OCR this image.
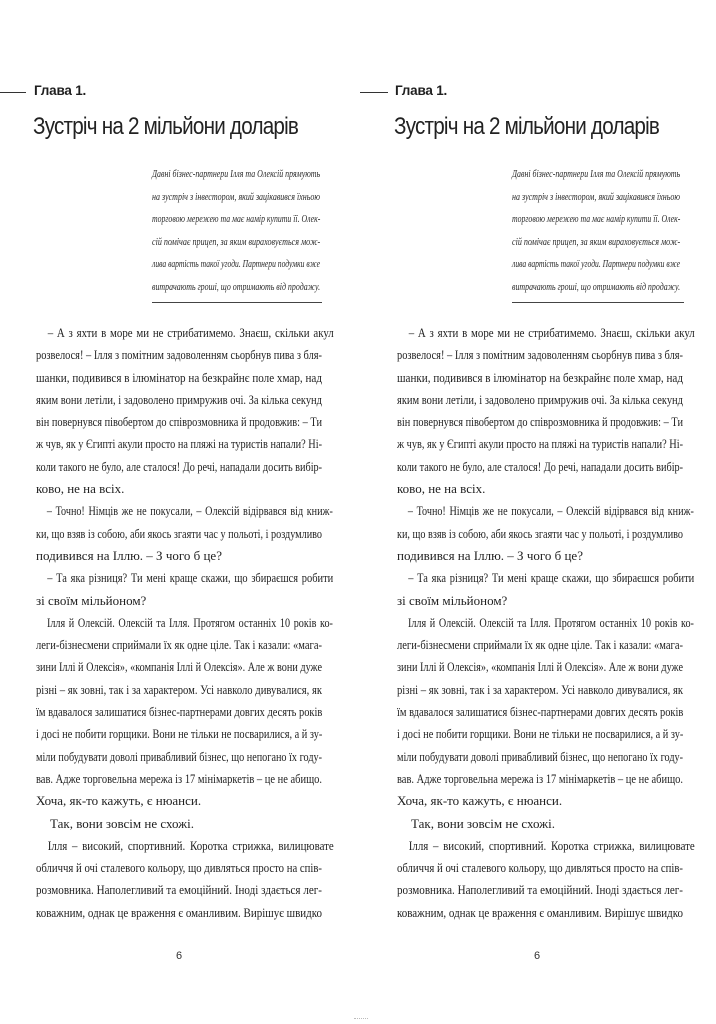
Глава 1.
Зустріч на 2 мільйони доларів
Давні бізнес-партнери Ілля та Олексій прямують
на зустріч з інвестором, який зацікавився їхньою
торговою мережею та має намір купити її. Олек-
сій помічає прицеп, за яким вираховується мож-
лива вартість такої угоди. Партнери подумки вже
витрачають гроші, що отримають від продажу.
– А з яхти в море ми не стрибатимемо. Знаєш, скільки акул
розвелося! – Ілля з помітним задоволенням сьорбнув пива з бля-
шанки, подивився в ілюмінатор на безкрайнє поле хмар, над
яким вони летіли, і задоволено примружив очі. За кілька секунд
він повернувся півобертом до співрозмовника й продовжив: – Ти
ж чув, як у Єгипті акули просто на пляжі на туристів напали? Ні-
коли такого не було, але сталося! До речі, нападали досить вибір-
ково, не на всіх.
– Точно! Німців же не покусали, – Олексій відірвався від книж-
ки, що взяв із собою, аби якось згаяти час у польоті, і роздумливо
подивився на Іллю. – З чого б це?
– Та яка різниця? Ти мені краще скажи, що збираєшся робити
зі своїм мільйоном?
Ілля й Олексій. Олексій та Ілля. Протягом останніх 10 років ко-
леги-бізнесмени сприймали їх як одне ціле. Так і казали: «мага-
зини Іллі й Олексія», «компанія Іллі й Олексія». Але ж вони дуже
різні – як зовні, так і за характером. Усі навколо дивувалися, як
їм вдавалося залишатися бізнес-партнерами довгих десять років
і досі не побити горщики. Вони не тільки не посварилися, а й зу-
міли побудувати доволі привабливий бізнес, що непогано їх году-
вав. Адже торговельна мережа із 17 мінімаркетів – це не абищо.
Хоча, як-то кажуть, є нюанси.
Так, вони зовсім не схожі.
Ілля – високий, спортивний. Коротка стрижка, вилицювате
обличчя й очі сталевого кольору, що дивляться просто на спів-
розмовника. Наполегливий та емоційний. Іноді здається лег-
коважним, однак це враження є оманливим. Вирішує швидко
6
Глава 1.
Зустріч на 2 мільйони доларів
Давні бізнес-партнери Ілля та Олексій прямують
на зустріч з інвестором, який зацікавився їхньою
торговою мережею та має намір купити її. Олек-
сій помічає прицеп, за яким вираховується мож-
лива вартість такої угоди. Партнери подумки вже
витрачають гроші, що отримають від продажу.
– А з яхти в море ми не стрибатимемо. Знаєш, скільки акул
розвелося! – Ілля з помітним задоволенням сьорбнув пива з бля-
шанки, подивився в ілюмінатор на безкрайнє поле хмар, над
яким вони летіли, і задоволено примружив очі. За кілька секунд
він повернувся півобертом до співрозмовника й продовжив: – Ти
ж чув, як у Єгипті акули просто на пляжі на туристів напали? Ні-
коли такого не було, але сталося! До речі, нападали досить вибір-
ково, не на всіх.
– Точно! Німців же не покусали, – Олексій відірвався від книж-
ки, що взяв із собою, аби якось згаяти час у польоті, і роздумливо
подивився на Іллю. – З чого б це?
– Та яка різниця? Ти мені краще скажи, що збираєшся робити
зі своїм мільйоном?
Ілля й Олексій. Олексій та Ілля. Протягом останніх 10 років ко-
леги-бізнесмени сприймали їх як одне ціле. Так і казали: «мага-
зини Іллі й Олексія», «компанія Іллі й Олексія». Але ж вони дуже
різні – як зовні, так і за характером. Усі навколо дивувалися, як
їм вдавалося залишатися бізнес-партнерами довгих десять років
і досі не побити горщики. Вони не тільки не посварилися, а й зу-
міли побудувати доволі привабливий бізнес, що непогано їх году-
вав. Адже торговельна мережа із 17 мінімаркетів – це не абищо.
Хоча, як-то кажуть, є нюанси.
Так, вони зовсім не схожі.
Ілля – високий, спортивний. Коротка стрижка, вилицювате
обличчя й очі сталевого кольору, що дивляться просто на спів-
розмовника. Наполегливий та емоційний. Іноді здається лег-
коважним, однак це враження є оманливим. Вирішує швидко
6
